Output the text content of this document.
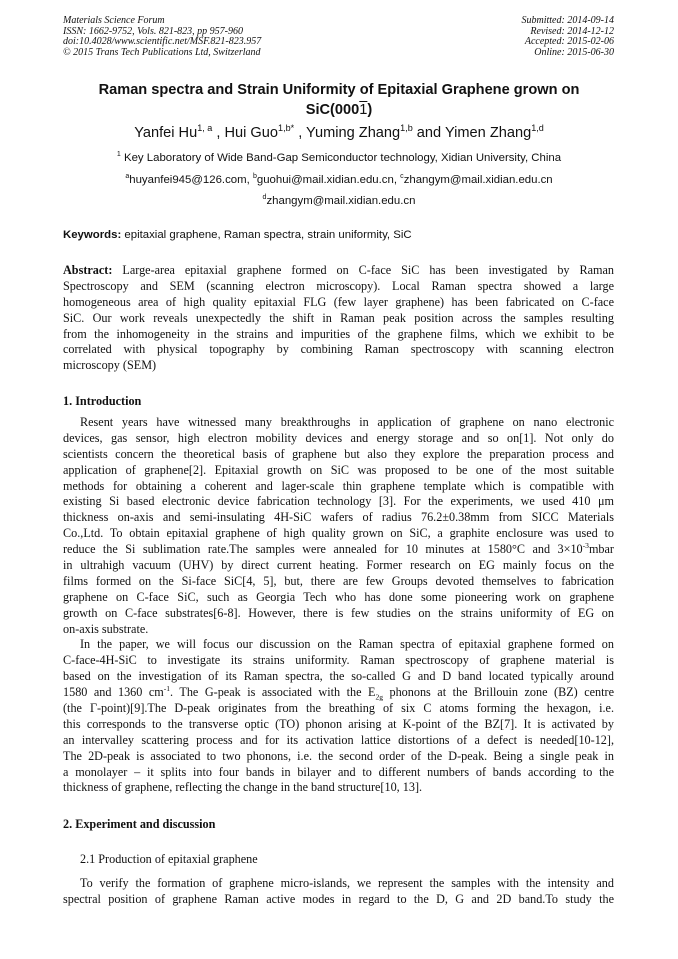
Materials Science Forum
ISSN: 1662-9752, Vols. 821-823, pp 957-960
doi:10.4028/www.scientific.net/MSF.821-823.957
© 2015 Trans Tech Publications Ltd, Switzerland
Submitted: 2014-09-14
Revised: 2014-12-12
Accepted: 2015-02-06
Online: 2015-06-30
Raman spectra and Strain Uniformity of Epitaxial Graphene grown on
SiC(0001)
Yanfei Hu$^{1, a}$ , Hui Guo$^{1,b*}$ , Yuming Zhang$^{1,b}$ and Yimen Zhang$^{1,d}$
$^1$ Key Laboratory of Wide Band-Gap Semiconductor technology, Xidian University, China
$^a$huyanfei945@126.com, $^b$guohui@mail.xidian.edu.cn, $^c$zhangym@mail.xidian.edu.cn
$^d$zhangym@mail.xidian.edu.cn
Keywords: epitaxial graphene, Raman spectra, strain uniformity, SiC
Abstract: Large-area epitaxial graphene formed on C-face SiC has been investigated by Raman
Spectroscopy and SEM (scanning electron microscopy). Local Raman spectra showed a large
homogeneous area of high quality epitaxial FLG (few layer graphene) has been fabricated on C-face
SiC. Our work reveals unexpectedly the shift in Raman peak position across the samples resulting
from the inhomogeneity in the strains and impurities of the graphene films, which we exhibit to be
correlated with physical topography by combining Raman spectroscopy with scanning electron
microscopy (SEM)
1. Introduction
Resent years have witnessed many breakthroughs in application of graphene on nano electronic
devices, gas sensor, high electron mobility devices and energy storage and so on[1]. Not only do
scientists concern the theoretical basis of graphene but also they explore the preparation process and
application of graphene[2]. Epitaxial growth on SiC was proposed to be one of the most suitable
methods for obtaining a coherent and lager-scale thin graphene template which is compatible with
existing Si based electronic device fabrication technology [3]. For the experiments, we used 410 μm
thickness on-axis and semi-insulating 4H-SiC wafers of radius 76.2±0.38mm from SICC Materials
Co.,Ltd. To obtain epitaxial graphene of high quality grown on SiC, a graphite enclosure was used to
reduce the Si sublimation rate.The samples were annealed for 10 minutes at 1580°C and $3\times 10^{-3}mbar$
in ultrahigh vacuum (UHV) by direct current heating. Former research on EG mainly focus on the
films formed on the Si-face SiC[4, 5], but, there are few Groups devoted themselves to fabrication
graphene on C-face SiC, such as Georgia Tech who has done some pioneering work on graphene
growth on C-face substrates[6-8]. However, there is few studies on the strains uniformity of EG on
on-axis substrate.
In the paper, we will focus our discussion on the Raman spectra of epitaxial graphene formed on
C-face-4H-SiC to investigate its strains uniformity. Raman spectroscopy of graphene material is
based on the investigation of its Raman spectra, the so-called G and D band located typically around
1580 and 1360 $cm^{-1}$. The G-peak is associated with the $E_{2g}$ phonons at the Brillouin zone (BZ) centre
(the Γ-point)[9].The D-peak originates from the breathing of six C atoms forming the hexagon, i.e.
this corresponds to the transverse optic (TO) phonon arising at K-point of the BZ[7]. It is activated by
an intervalley scattering process and for its activation lattice distortions of a defect is needed[10-12],
The 2D-peak is associated to two phonons, i.e. the second order of the D-peak. Being a single peak in
a monolayer – it splits into four bands in bilayer and to different numbers of bands according to the
thickness of graphene, reflecting the change in the band structure[10, 13].
2. Experiment and discussion
2.1 Production of epitaxial graphene
To verify the formation of graphene micro-islands, we represent the samples with the intensity and
spectral position of graphene Raman active modes in regard to the D, G and 2D band.To study the
